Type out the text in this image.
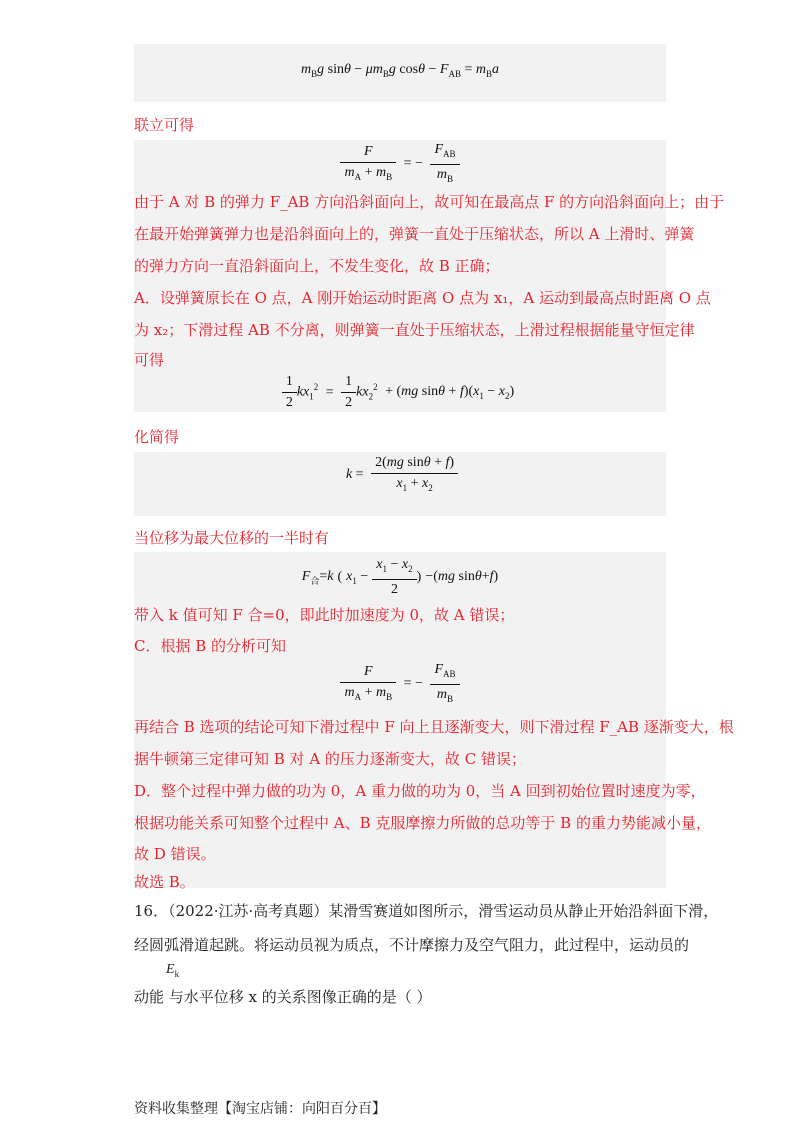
$m_Bg$ $\sin\theta - \mu m_Bg$ $\cos\theta - F_{AB} = m_Ba$
联立可得
$\frac{F}{m_A + m_B}$ = − $\frac{F_{AB}}{m_B}$
由于 A 对 B 的弹力 F_AB 方向沿斜面向上，故可知在最高点 F 的方向沿斜面向上；由于
在最开始弹簧弹力也是沿斜面向上的，弹簧一直处于压缩状态，所以 A 上滑时、弹簧
的弹力方向一直沿斜面向上，不发生变化，故 B 正确；
A．设弹簧原长在 O 点，A 刚开始运动时距离 O 点为 x₁，A 运动到最高点时距离 O 点
为 x₂；下滑过程 AB 不分离，则弹簧一直处于压缩状态，上滑过程根据能量守恒定律
可得
$\frac{1}{2} kx_1^2 = \frac{1}{2} kx_2^2 + (mg$ $\sin\theta + f)(x_1 - x_2)$
化简得
$k = \frac{\text{2(mg sinθ + f)}}{x_1 + x_2}$
当位移为最大位移的一半时有
$F_合=k$ ( $x_1 - \frac{x_1 - x_2}{2}$ ) −(mg sinθ+f)
带入 k 值可知 F 合=0，即此时加速度为 0，故 A 错误；
C．根据 B 的分析可知
$\frac{F}{m_A + m_B}$ = − $\frac{F_{AB}}{m_B}$
再结合 B 选项的结论可知下滑过程中 F 向上且逐渐变大，则下滑过程 F_AB 逐渐变大，根
据牛顿第三定律可知 B 对 A 的压力逐渐变大，故 C 错误；
D．整个过程中弹力做的功为 0，A 重力做的功为 0，当 A 回到初始位置时速度为零，
根据功能关系可知整个过程中 A、B 克服摩擦力所做的总功等于 B 的重力势能减小量，
故 D 错误。
故选 B。
16．（2022·江苏·高考真题）某滑雪赛道如图所示，滑雪运动员从静止开始沿斜面下滑，
经圆弧滑道起跳。将运动员视为质点，不计摩擦力及空气阻力，此过程中，运动员的
动能 与水平位移 x 的关系图像正确的是（ ）
$E_k$
资料收集整理【淘宝店铺：向阳百分百】
